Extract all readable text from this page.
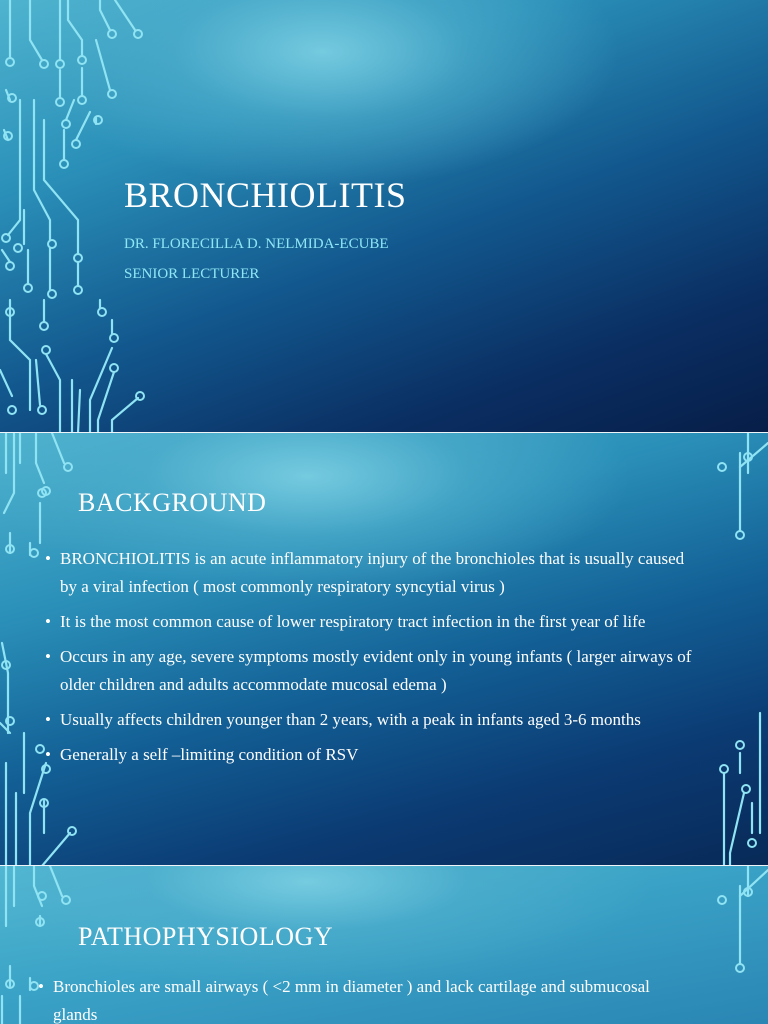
BRONCHIOLITIS
DR. FLORECILLA D. NELMIDA-ECUBE
SENIOR LECTURER
BACKGROUND
• BRONCHIOLITIS is an acute inflammatory injury of the bronchioles that is usually caused by a viral infection ( most commonly respiratory syncytial virus )
• It is the most common cause of lower respiratory tract infection in the first year of life
• Occurs in any age, severe symptoms mostly evident only in young infants ( larger airways of older children and adults accommodate mucosal edema )
• Usually affects children younger than 2 years, with a peak in infants aged 3-6 months
• Generally a self –limiting condition of RSV
PATHOPHYSIOLOGY
• Bronchioles are small airways ( <2 mm in diameter ) and lack cartilage and submucosal glands
